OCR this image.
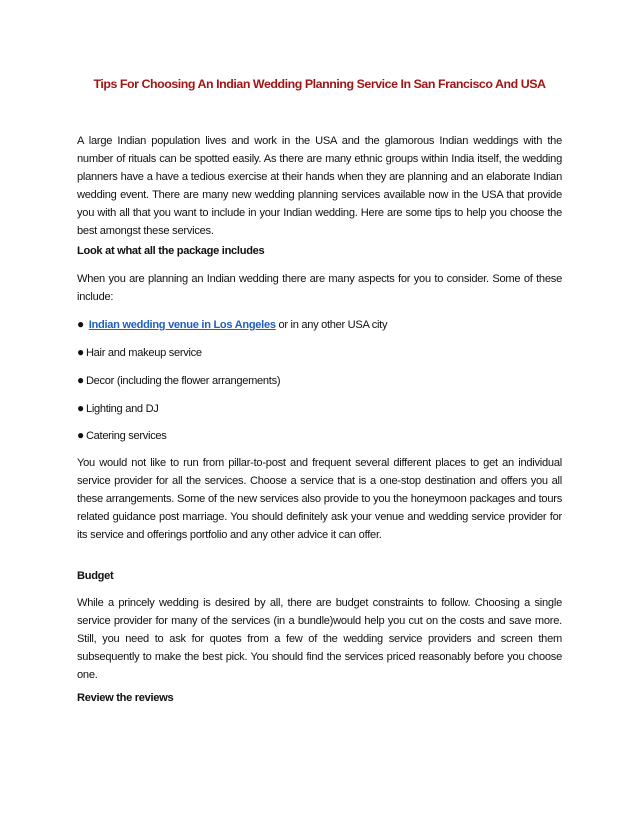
Tips For Choosing An Indian Wedding Planning Service In San Francisco And USA

A large Indian population lives and work in the USA and the glamorous Indian weddings with the number of rituals can be spotted easily. As there are many ethnic groups within India itself, the wedding planners have a have a tedious exercise at their hands when they are planning and an elaborate Indian wedding event. There are many new wedding planning services available now in the USA that provide you with all that you want to include in your Indian wedding. Here are some tips to help you choose the best amongst these services.

Look at what all the package includes

When you are planning an Indian wedding there are many aspects for you to consider. Some of these include:

● Indian wedding venue in Los Angeles or in any other USA city

● Hair and makeup service

● Decor (including the flower arrangements)

● Lighting and DJ

● Catering services

You would not like to run from pillar-to-post and frequent several different places to get an individual service provider for all the services. Choose a service that is a one-stop destination and offers you all these arrangements. Some of the new services also provide to you the honeymoon packages and tours related guidance post marriage. You should definitely ask your venue and wedding service provider for its service and offerings portfolio and any other advice it can offer.

Budget

While a princely wedding is desired by all, there are budget constraints to follow. Choosing a single service provider for many of the services (in a bundle)would help you cut on the costs and save more. Still, you need to ask for quotes from a few of the wedding service providers and screen them subsequently to make the best pick. You should find the services priced reasonably before you choose one.

Review the reviews
